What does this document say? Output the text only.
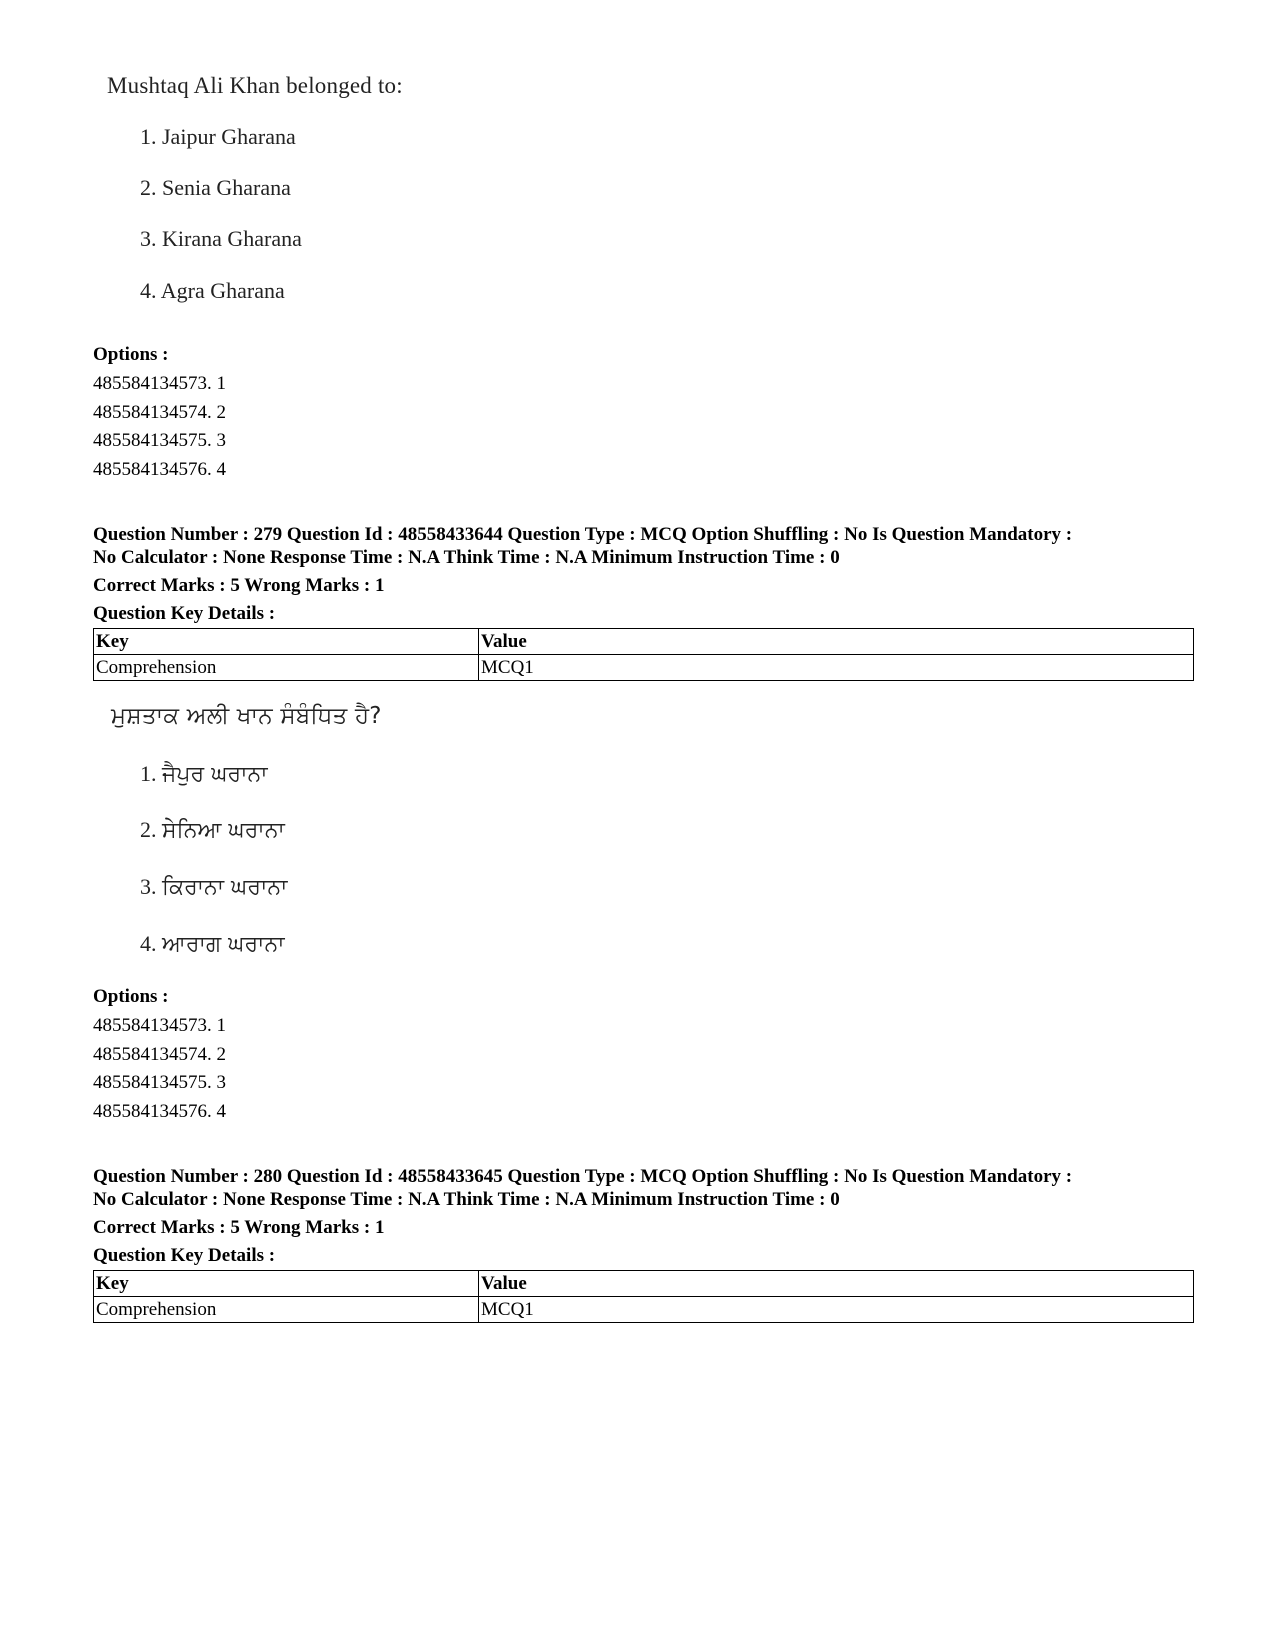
Mushtaq Ali Khan belonged to:
1. Jaipur Gharana
2. Senia Gharana
3. Kirana Gharana
4. Agra Gharana
Options :
485584134573. 1
485584134574. 2
485584134575. 3
485584134576. 4
Question Number : 279 Question Id : 48558433644 Question Type : MCQ Option Shuffling : No Is Question Mandatory :
No Calculator : None Response Time : N.A Think Time : N.A Minimum Instruction Time : 0
Correct Marks : 5 Wrong Marks : 1
Question Key Details :
Key	Value
Comprehension	MCQ1
ਮੁਸ਼ਤਾਕ ਅਲੀ ਖਾਨ ਸੰਬੰਧਿਤ ਹੈ?
1. ਜੈਪੁਰ ਘਰਾਨਾ
2. ਸੇਨਿਆ ਘਰਾਨਾ
3. ਕਿਰਾਨਾ ਘਰਾਨਾ
4. ਆਰਾਗ ਘਰਾਨਾ
Options :
485584134573. 1
485584134574. 2
485584134575. 3
485584134576. 4
Question Number : 280 Question Id : 48558433645 Question Type : MCQ Option Shuffling : No Is Question Mandatory :
No Calculator : None Response Time : N.A Think Time : N.A Minimum Instruction Time : 0
Correct Marks : 5 Wrong Marks : 1
Question Key Details :
Key	Value
Comprehension	MCQ1
